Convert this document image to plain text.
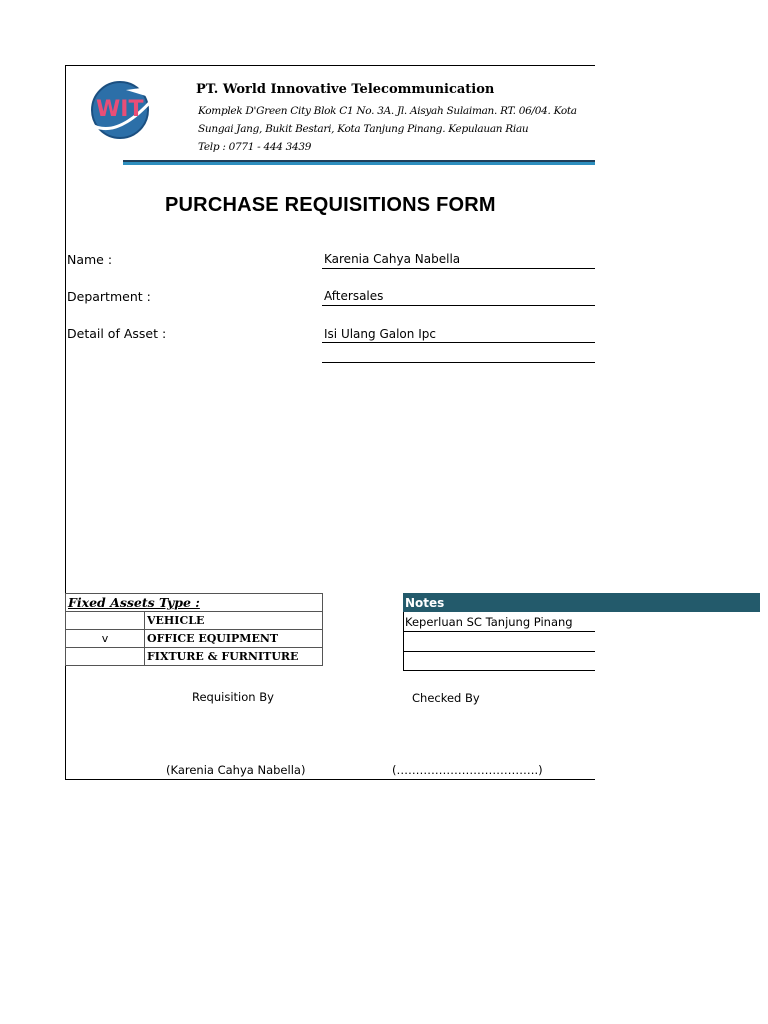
WIT
PT. World Innovative Telecommunication
Komplek D'Green City Blok C1 No. 3A. Jl. Aisyah Sulaiman. RT. 06/04. Kota
Sungai Jang, Bukit Bestari, Kota Tanjung Pinang. Kepulauan Riau
Telp : 0771 - 444 3439
PURCHASE REQUISITIONS FORM
Name :	Karenia Cahya Nabella
Department :	Aftersales
Detail of Asset :	Isi Ulang Galon Ipc
Fixed Assets Type :	
	VEHICLE
v	OFFICE EQUIPMENT
	FIXTURE & FURNITURE
Notes
Keperluan SC Tanjung Pinang
Requisition By	Checked By
(Karenia Cahya Nabella)	(……………………………….)
